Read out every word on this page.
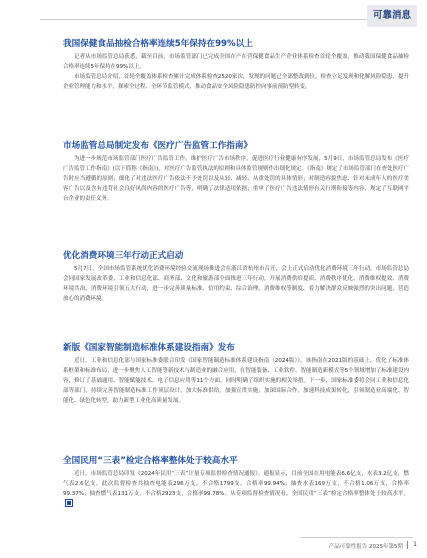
可靠消息
我国保健食品抽检合格率连续5年保持在99%以上

记者从市场监管总局获悉，截至目前，市场监管部门已完成全国在产在营保健食品生产企业体系检查首轮全覆盖，推动我国保健食品抽检合格率连续5年保持在99%以上。

市场监管总局介绍，首轮全覆盖体系检查累计完成体系检查2520家次，发现的问题已全部整改到位。检查立足发现和化解风险隐患，提升企业管理能力和水平，探索全过程、全环节监管模式，推动食品安全风险隐患防控向事前预防型转变。

市场监管总局制定发布《医疗广告监管工作指南》

为进一步规范市场监管部门医疗广告监管工作，维护医疗广告市场秩序，促进医疗行业健康有序发展，5月9日，市场监管总局发布《医疗广告监管工作指南》(以下简称《指南》)，对医疗广告监管执法的原则和具体监管规则作出细化规定。《指南》规定了市场监管部门在查处医疗广告时应当遵循的原则；细化了对违法医疗广告依法不予处罚以及从轻、减轻、从重处罚的具体情形；对制造容貌焦虑、针对未成年人的医疗美容广告以及含有违背社会良好风尚内容的医疗广告等，明确了法律适用依据；重申了医疗广告违法情形有关行刑衔接等内容，规定了互联网平台企业的责任义务。

优化消费环境三年行动正式启动

5月7日，全国市场监管系统优化消费环境经验交流现场推进会在浙江省杭州市召开，会上正式启动优化消费环境三年行动。市场监管总局会同国家发展改革委、工业和信息化部、商务部、文化和旅游部全面推进三年行动，开展消费供给提质、消费秩序优化、消费维权提效、消费环境共治、消费环境引领五大行动，进一步完善质量标准、信用约束、综合治理、消费维权等制度，着力解决群众反映强烈的突出问题，营造放心的消费环境。

新版《国家智能制造标准体系建设指南》发布

近日，工业和信息化部与国家标准委联合印发《国家智能制造标准体系建设指南（2024版）》。该指南在2021版的基础上，优化了标准体系框架和标准布局，进一步聚焦人工智能等新技术与制造业的融合应用，在智能装备、工业软件、智能制造新模式等5个领域增加了标准建设内容，修订了基础通用、智能赋能技术、电子信息应用等11个方面，同时明确了组织实施的相关举措。下一步，国家标准委将会同工业和信息化部等部门，持续完善智能制造标准工作顶层设计，加大标准供给，加强宣贯实施，加深国际合作，加速科技成果转化，引领制造业高端化、智能化、绿色化转型，助力新型工业化高质量发展。

全国民用“三表”检定合格率整体处于较高水平

近日，市场监管总局印发《2024年民用“三表”计量专项监督检查情况通报》。通报显示，目前全国在用电能表6.6亿支，水表3.2亿支，燃气表2.6亿支。此次监督检查共抽查电能表296万支，不合格1799支，合格率99.94%；抽查水表169万支，不合格1.06万支，合格率99.37%；抽查燃气表131万支，不合格2923支，合格率99.78%。从专项监督检查情况看，全国民用“三表”检定合格率整体处于较高水平。

产品可靠性报告 2025年第5期 1
